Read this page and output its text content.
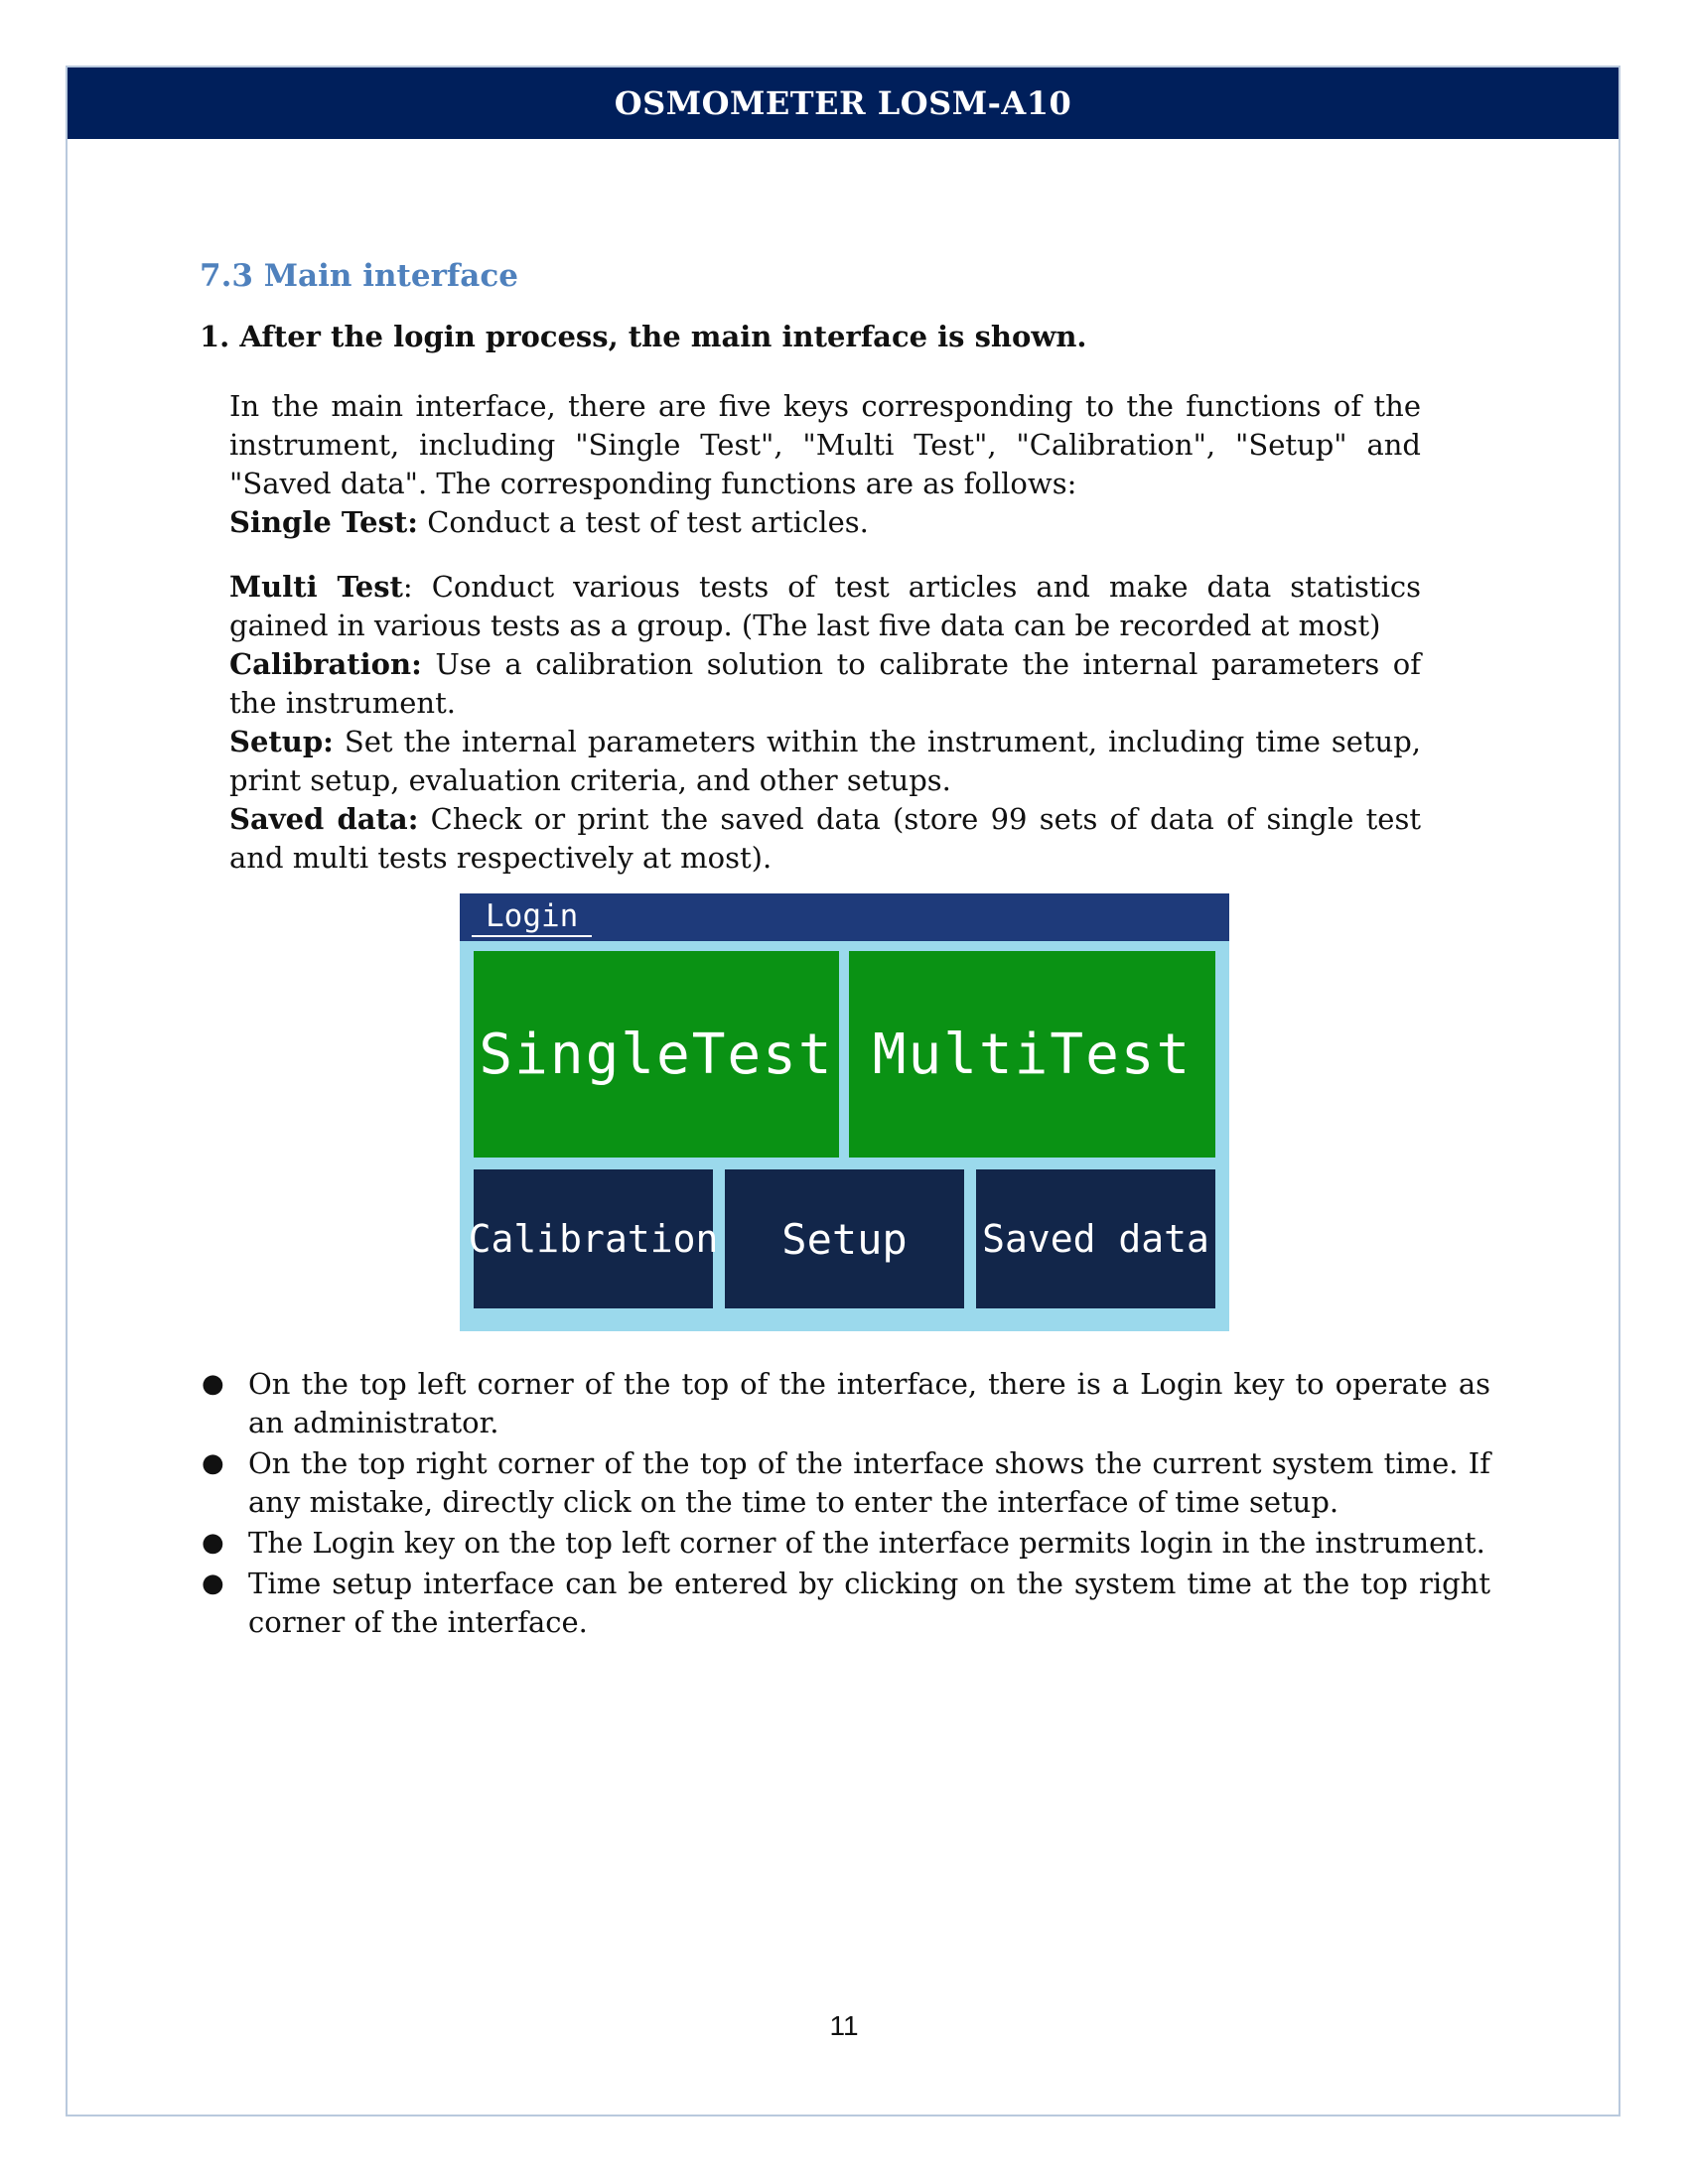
OSMOMETER LOSM-A10
7.3 Main interface
1. After the login process, the main interface is shown.
In the main interface, there are five keys corresponding to the functions of the instrument, including "Single Test", "Multi Test", "Calibration", "Setup" and "Saved data". The corresponding functions are as follows:
Single Test: Conduct a test of test articles.
Multi Test: Conduct various tests of test articles and make data statistics gained in various tests as a group. (The last five data can be recorded at most)
Calibration: Use a calibration solution to calibrate the internal parameters of the instrument.
Setup: Set the internal parameters within the instrument, including time setup, print setup, evaluation criteria, and other setups.
Saved data: Check or print the saved data (store 99 sets of data of single test and multi tests respectively at most).
Login
SingleTest MultiTest
Calibration	Setup	Saved data
● On the top left corner of the top of the interface, there is a Login key to operate as an administrator.
● On the top right corner of the top of the interface shows the current system time. If any mistake, directly click on the time to enter the interface of time setup.
● The Login key on the top left corner of the interface permits login in the instrument.
● Time setup interface can be entered by clicking on the system time at the top right corner of the interface.
11
